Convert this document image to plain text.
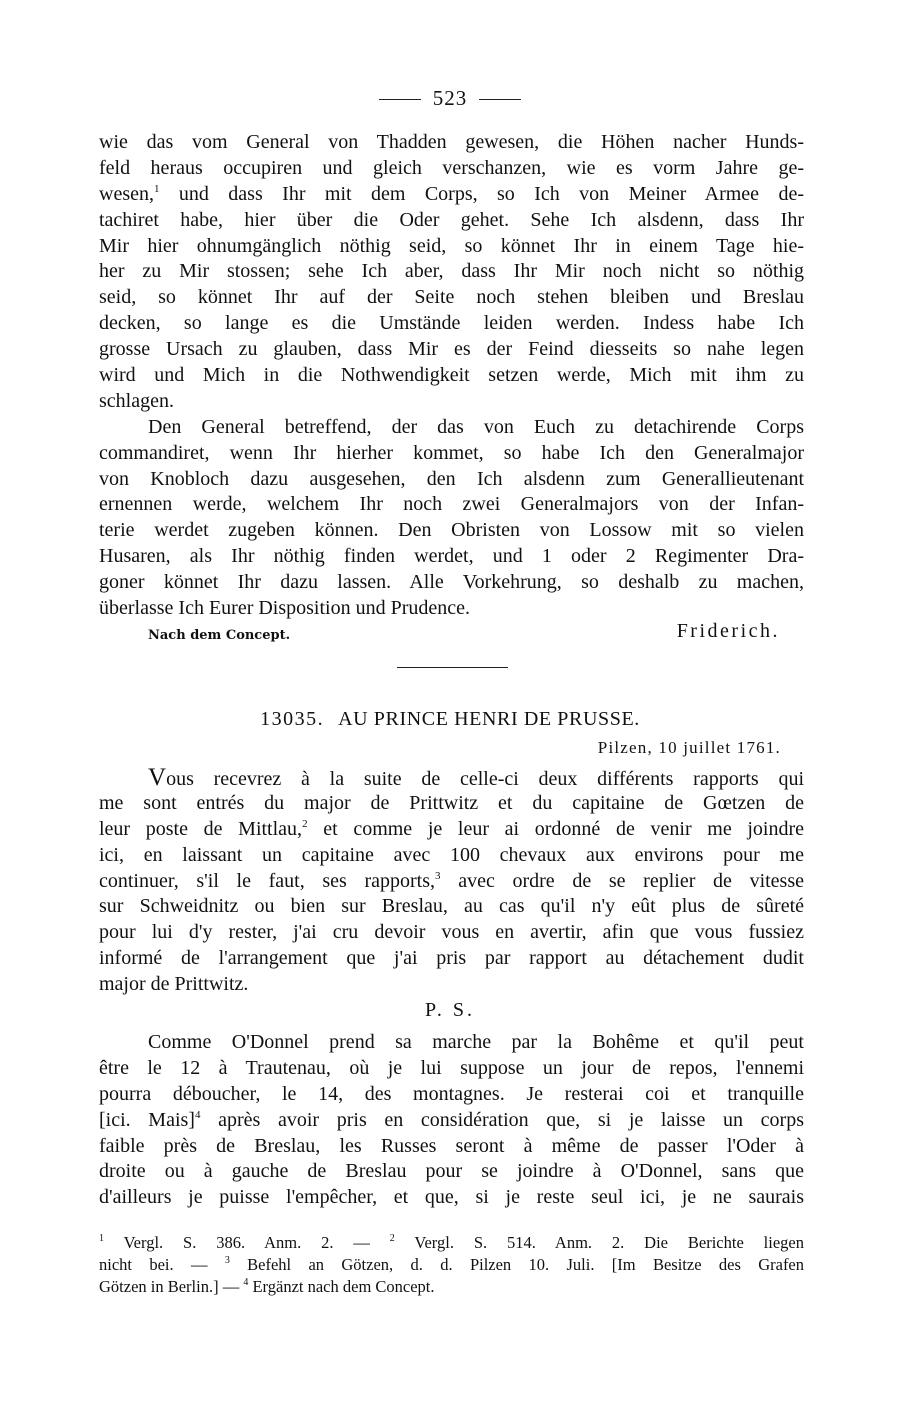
523
wie das vom General von Thadden gewesen, die Höhen nacher Hunds-
feld heraus occupiren und gleich verschanzen, wie es vorm Jahre ge-
wesen,$^1$ und dass Ihr mit dem Corps, so Ich von Meiner Armee de-
tachiret habe, hier über die Oder gehet. Sehe Ich alsdenn, dass Ihr
Mir hier ohnumgänglich nöthig seid, so könnet Ihr in einem Tage hie-
her zu Mir stossen; sehe Ich aber, dass Ihr Mir noch nicht so nöthig
seid, so könnet Ihr auf der Seite noch stehen bleiben und Breslau
decken, so lange es die Umstände leiden werden. Indess habe Ich
grosse Ursach zu glauben, dass Mir es der Feind diesseits so nahe legen
wird und Mich in die Nothwendigkeit setzen werde, Mich mit ihm zu
schlagen.
Den General betreffend, der das von Euch zu detachirende Corps
commandiret, wenn Ihr hierher kommet, so habe Ich den Generalmajor
von Knobloch dazu ausgesehen, den Ich alsdenn zum Generallieutenant
ernennen werde, welchem Ihr noch zwei Generalmajors von der Infan-
terie werdet zugeben können. Den Obristen von Lossow mit so vielen
Husaren, als Ihr nöthig finden werdet, und 1 oder 2 Regimenter Dra-
goner könnet Ihr dazu lassen. Alle Vorkehrung, so deshalb zu machen,
überlasse Ich Eurer Disposition und Prudence.
Nach dem Concept.	Friderich.
13035. AU PRINCE HENRI DE PRUSSE.
Pilzen, 10 juillet 1761.
Vous recevrez à la suite de celle-ci deux différents rapports qui
me sont entrés du major de Prittwitz et du capitaine de Gœtzen de
leur poste de Mittlau,$^2$ et comme je leur ai ordonné de venir me joindre
ici, en laissant un capitaine avec 100 chevaux aux environs pour me
continuer, s'il le faut, ses rapports,$^3$ avec ordre de se replier de vitesse
sur Schweidnitz ou bien sur Breslau, au cas qu'il n'y eût plus de sûreté
pour lui d'y rester, j'ai cru devoir vous en avertir, afin que vous fussiez
informé de l'arrangement que j'ai pris par rapport au détachement dudit
major de Prittwitz.
P. S.
Comme O'Donnel prend sa marche par la Bohême et qu'il peut
être le 12 à Trautenau, où je lui suppose un jour de repos, l'ennemi
pourra déboucher, le 14, des montagnes. Je resterai coi et tranquille
[ici. Mais]$^4$ après avoir pris en considération que, si je laisse un corps
faible près de Breslau, les Russes seront à même de passer l'Oder à
droite ou à gauche de Breslau pour se joindre à O'Donnel, sans que
d'ailleurs je puisse l'empêcher, et que, si je reste seul ici, je ne saurais
$^1$ Vergl. S. 386. Anm. 2. — $^2$ Vergl. S. 514. Anm. 2. Die Berichte liegen
nicht bei. — $^3$ Befehl an Götzen, d. d. Pilzen 10. Juli. [Im Besitze des Grafen
Götzen in Berlin.] — $^4$ Ergänzt nach dem Concept.
